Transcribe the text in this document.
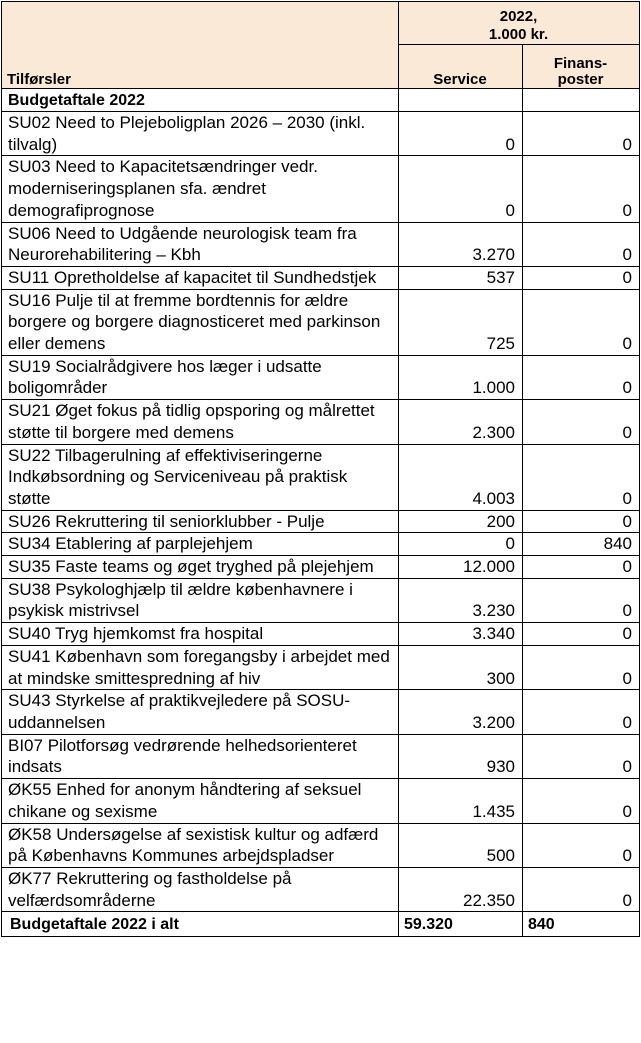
Tilførsler	2022,
1.000 kr.	

	Service	Finans-
poster
Budgetaftale 2022		
SU02 Need to Plejeboligplan 2026 – 2030 (inkl. tilvalg)	0	0
SU03 Need to Kapacitetsændringer vedr. moderniseringsplanen sfa. ændret demografiprognose	0	0
SU06 Need to Udgående neurologisk team fra Neurorehabilitering – Kbh	3.270	0
SU11 Opretholdelse af kapacitet til Sundhedstjek	537	0
SU16 Pulje til at fremme bordtennis for ældre borgere og borgere diagnosticeret med parkinson eller demens	725	0
SU19 Socialrådgivere hos læger i udsatte boligområder	1.000	0
SU21 Øget fokus på tidlig opsporing og målrettet støtte til borgere med demens	2.300	0
SU22 Tilbagerulning af effektiviseringerne Indkøbsordning og Serviceniveau på praktisk støtte	4.003	0
SU26 Rekruttering til seniorklubber - Pulje	200	0
SU34 Etablering af parplejehjem	0	840
SU35 Faste teams og øget tryghed på plejehjem	12.000	0
SU38 Psykologhjælp til ældre københavnere i psykisk mistrivsel	3.230	0
SU40 Tryg hjemkomst fra hospital	3.340	0
SU41 København som foregangsby i arbejdet med at mindske smittespredning af hiv	300	0
SU43 Styrkelse af praktikvejledere på SOSU-uddannelsen	3.200	0
BI07 Pilotforsøg vedrørende helhedsorienteret indsats	930	0
ØK55 Enhed for anonym håndtering af seksuel chikane og sexisme	1.435	0
ØK58 Undersøgelse af sexistisk kultur og adfærd på Københavns Kommunes arbejdspladser	500	0
ØK77 Rekruttering og fastholdelse på velfærdsområderne	22.350	0
Budgetaftale 2022 i alt	59.320	840
